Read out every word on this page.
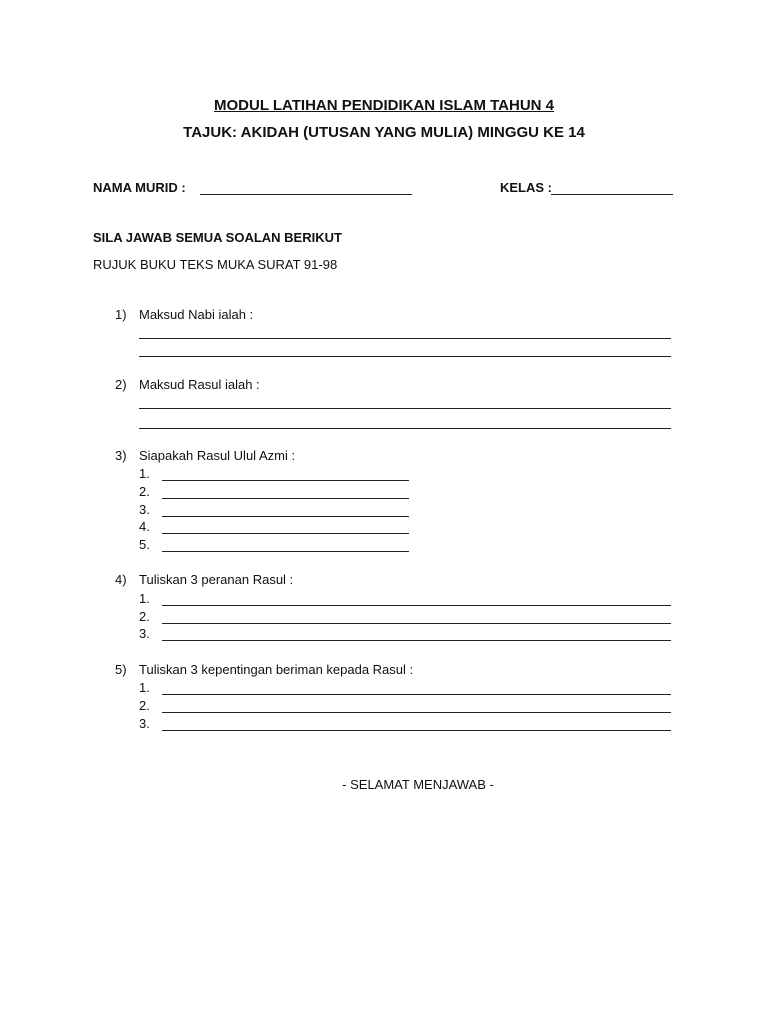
MODUL LATIHAN PENDIDIKAN ISLAM TAHUN 4
TAJUK: AKIDAH (UTUSAN YANG MULIA) MINGGU KE 14
NAMA MURID :	KELAS :
SILA JAWAB SEMUA SOALAN BERIKUT
RUJUK BUKU TEKS MUKA SURAT 91-98
1) Maksud Nabi ialah :
2) Maksud Rasul ialah :
3) Siapakah Rasul Ulul Azmi :
1.
2.
3.
4.
5.
4) Tuliskan 3 peranan Rasul :
1.
2.
3.
5) Tuliskan 3 kepentingan beriman kepada Rasul :
1.
2.
3.
- SELAMAT MENJAWAB -
